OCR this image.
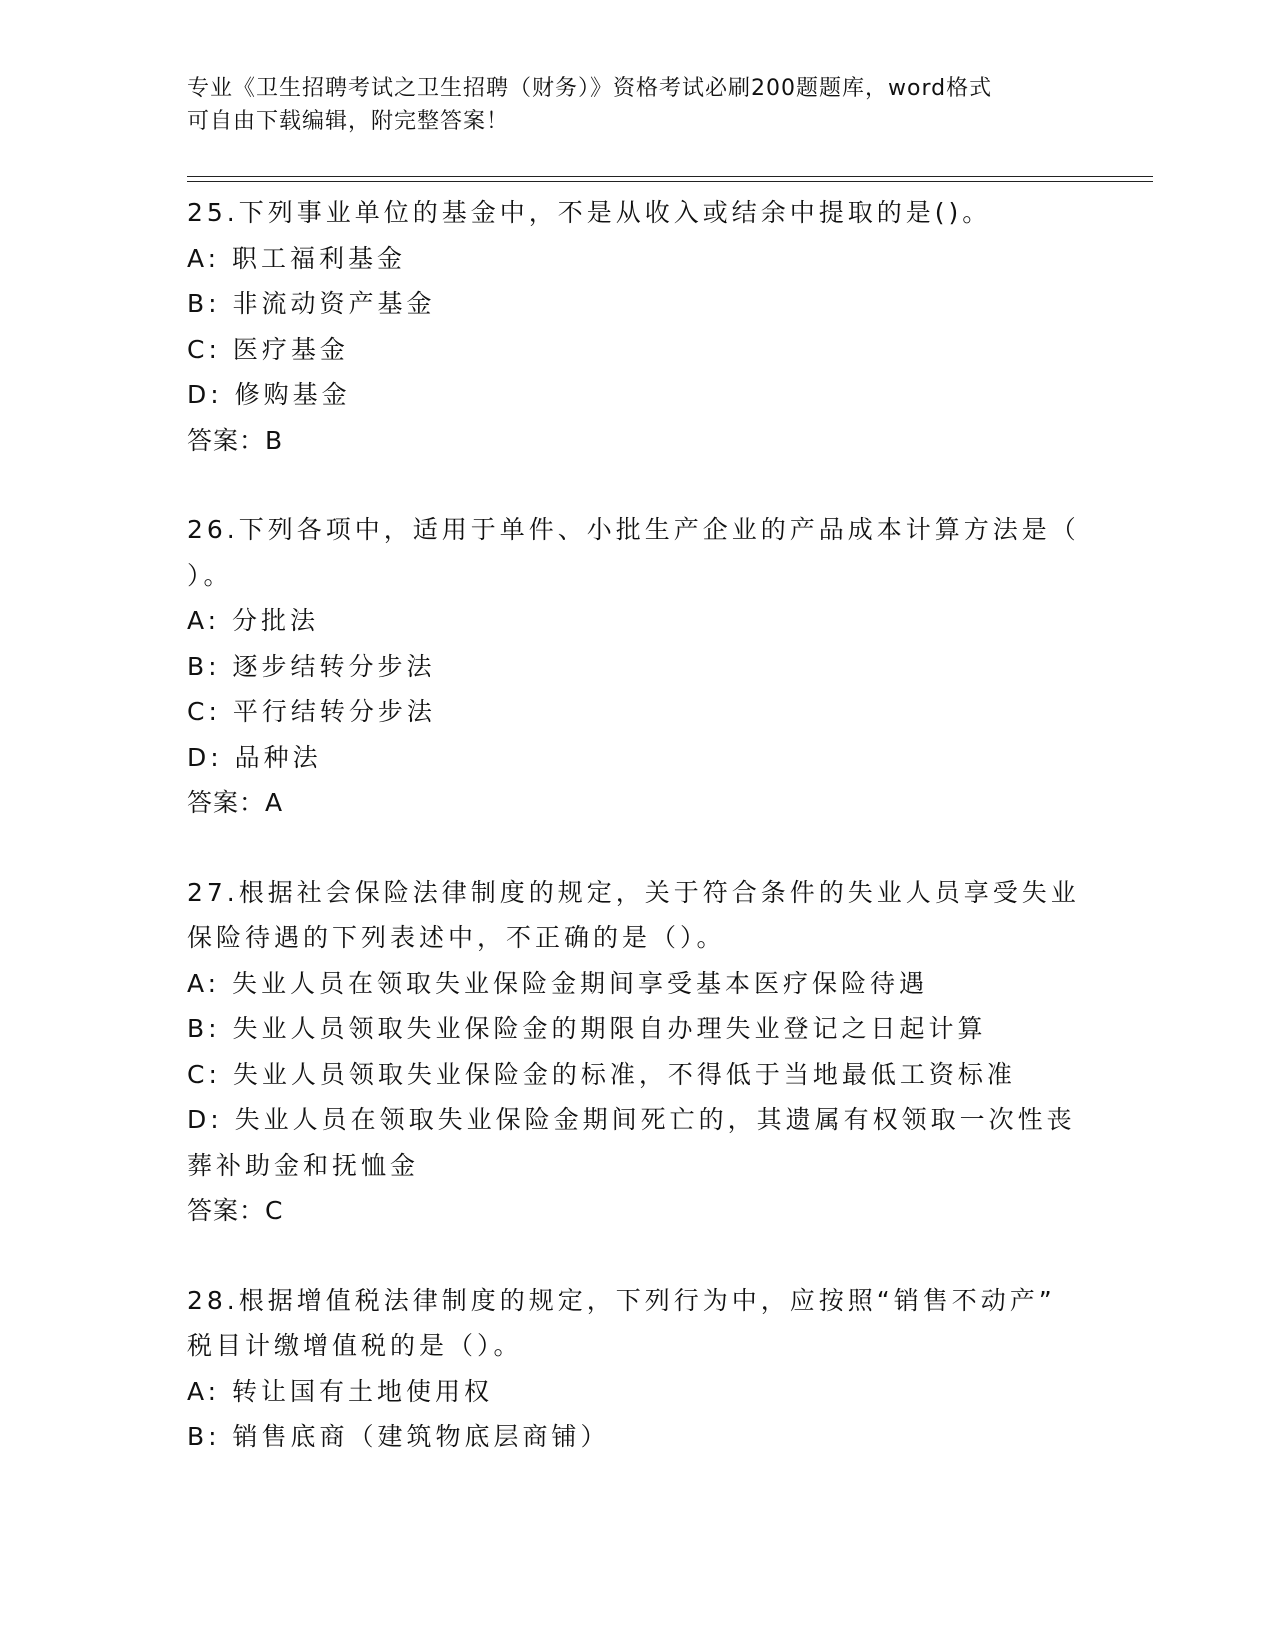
专业《卫生招聘考试之卫生招聘（财务）》资格考试必刷200题题库，word格式
可自由下载编辑，附完整答案！
25.下列事业单位的基金中，不是从收入或结余中提取的是()。
A: 职工福利基金
B: 非流动资产基金
C: 医疗基金
D: 修购基金
答案：B
26.下列各项中，适用于单件、小批生产企业的产品成本计算方法是（
）。
A: 分批法
B: 逐步结转分步法
C: 平行结转分步法
D: 品种法
答案：A
27.根据社会保险法律制度的规定，关于符合条件的失业人员享受失业
保险待遇的下列表述中，不正确的是（）。
A: 失业人员在领取失业保险金期间享受基本医疗保险待遇
B: 失业人员领取失业保险金的期限自办理失业登记之日起计算
C: 失业人员领取失业保险金的标准，不得低于当地最低工资标准
D: 失业人员在领取失业保险金期间死亡的，其遗属有权领取一次性丧
葬补助金和抚恤金
答案：C
28.根据增值税法律制度的规定，下列行为中，应按照“销售不动产”
税目计缴增值税的是（）。
A: 转让国有土地使用权
B: 销售底商（建筑物底层商铺）
